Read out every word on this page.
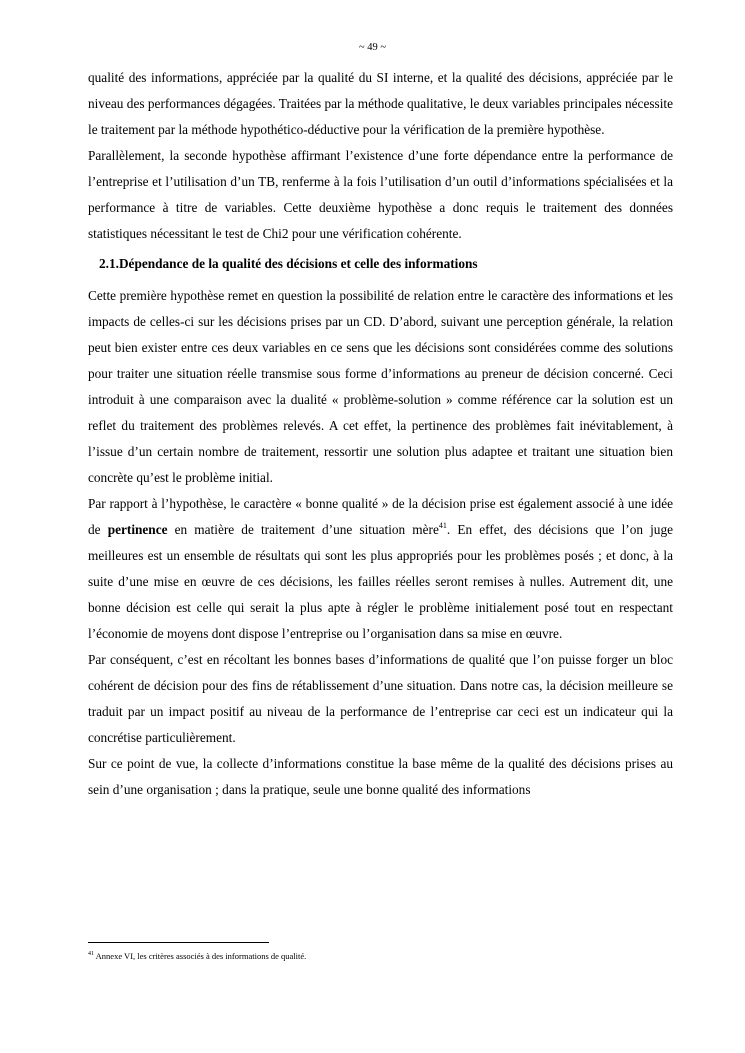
~ 49 ~

qualité des informations, appréciée par la qualité du SI interne, et la qualité des décisions, appréciée par le niveau des performances dégagées. Traitées par la méthode qualitative, le deux variables principales nécessite le traitement par la méthode hypothético-déductive pour la vérification de la première hypothèse.

Parallèlement, la seconde hypothèse affirmant l’existence d’une forte dépendance entre la performance de l’entreprise et l’utilisation d’un TB, renferme à la fois l’utilisation d’un outil d’informations spécialisées et la performance à titre de variables. Cette deuxième hypothèse a donc requis le traitement des données statistiques nécessitant le test de Chi2 pour une vérification cohérente.

2.1.Dépendance de la qualité des décisions et celle des informations

Cette première hypothèse remet en question la possibilité de relation entre le caractère des informations et les impacts de celles-ci sur les décisions prises par un CD. D’abord, suivant une perception générale, la relation peut bien exister entre ces deux variables en ce sens que les décisions sont considérées comme des solutions pour traiter une situation réelle transmise sous forme d’informations au preneur de décision concerné. Ceci introduit à une comparaison avec la dualité « problème-solution » comme référence car la solution est un reflet du traitement des problèmes relevés. A cet effet, la pertinence des problèmes fait inévitablement, à l’issue d’un certain nombre de traitement, ressortir une solution plus adaptee et traitant une situation bien concrète qu’est le problème initial.

Par rapport à l’hypothèse, le caractère « bonne qualité » de la décision prise est également associé à une idée de pertinence en matière de traitement d’une situation mère$^{41}$. En effet, des décisions que l’on juge meilleures est un ensemble de résultats qui sont les plus appropriés pour les problèmes posés ; et donc, à la suite d’une mise en œuvre de ces décisions, les failles réelles seront remises à nulles. Autrement dit, une bonne décision est celle qui serait la plus apte à régler le problème initialement posé tout en respectant l’économie de moyens dont dispose l’entreprise ou l’organisation dans sa mise en œuvre.

Par conséquent, c’est en récoltant les bonnes bases d’informations de qualité que l’on puisse forger un bloc cohérent de décision pour des fins de rétablissement d’une situation. Dans notre cas, la décision meilleure se traduit par un impact positif au niveau de la performance de l’entreprise car ceci est un indicateur qui la concrétise particulièrement.

Sur ce point de vue, la collecte d’informations constitue la base même de la qualité des décisions prises au sein d’une organisation ; dans la pratique, seule une bonne qualité des informations

$^{41}$ Annexe VI, les critères associés à des informations de qualité.
